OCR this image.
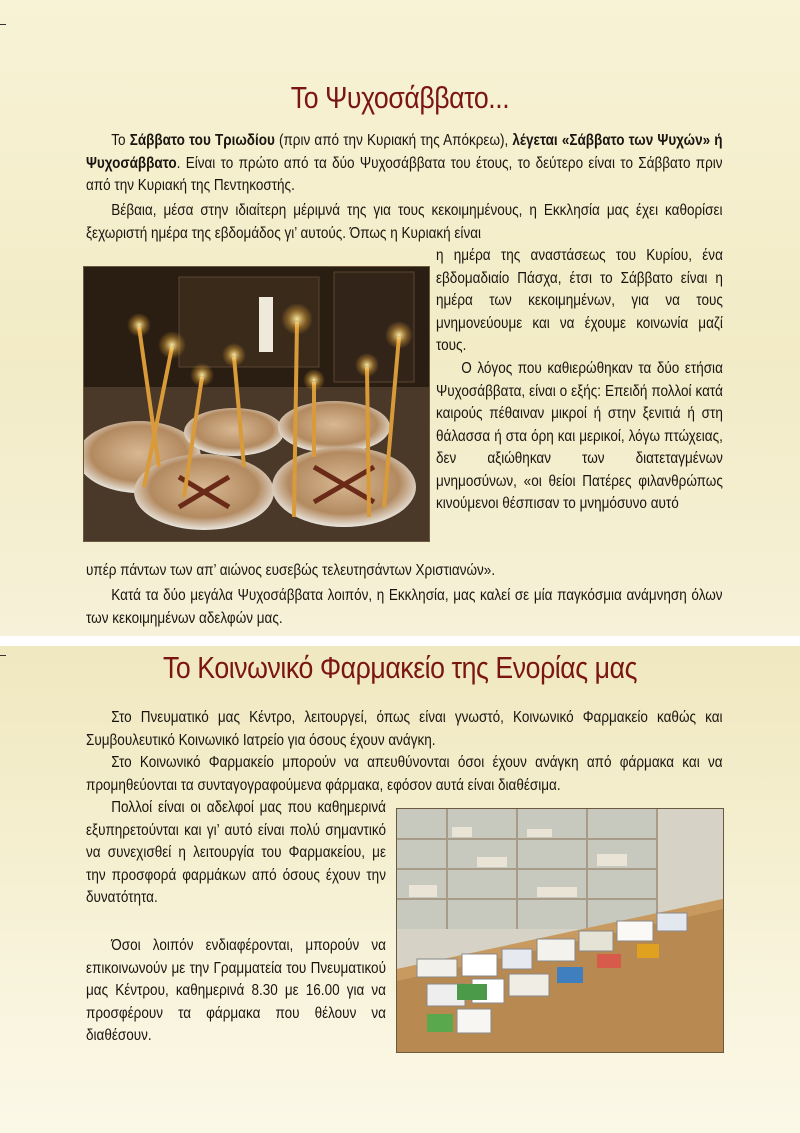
Το Ψυχοσάββατο...

Το Σάββατο του Τριωδίου (πριν από την Κυριακή της Απόκρεω), λέγεται «Σάββατο των Ψυχών» ή Ψυχοσάββατο. Είναι το πρώτο από τα δύο Ψυχοσάββατα του έτους, το δεύτερο είναι το Σάββατο πριν από την Κυριακή της Πεντηκοστής.

Βέβαια, μέσα στην ιδιαίτερη μέριμνά της για τους κεκοιμημένους, η Εκκλησία μας έχει καθορίσει ξεχωριστή ημέρα της εβδομάδος γι’ αυτούς. Όπως η Κυριακή είναι

η ημέρα της αναστάσεως του Κυρίου, ένα εβδομαδιαίο Πάσχα, έτσι το Σάββατο είναι η ημέρα των κεκοιμημένων, για να τους μνημονεύουμε και να έχουμε κοινωνία μαζί τους.

Ο λόγος που καθιερώθηκαν τα δύο ετήσια Ψυχοσάββατα, είναι ο εξής: Επειδή πολλοί κατά καιρούς πέθαιναν μικροί ή στην ξενιτιά ή στη θάλασσα ή στα όρη και μερικοί, λόγω πτώχειας, δεν αξιώθηκαν των διατεταγμένων μνημοσύνων, «οι θείοι Πατέρες φιλανθρώπως κινούμενοι θέσπισαν το μνημόσυνο αυτό

υπέρ πάντων των απ’ αιώνος ευσεβώς τελευτησάντων Χριστιανών».

Κατά τα δύο μεγάλα Ψυχοσάββατα λοιπόν, η Εκκλησία, μας καλεί σε μία παγκόσμια ανάμνηση όλων των κεκοιμημένων αδελφών μας.

Το Κοινωνικό Φαρμακείο της Ενορίας μας

Στο Πνευματικό μας Κέντρο, λειτουργεί, όπως είναι γνωστό, Κοινωνικό Φαρμακείο καθώς και Συμβουλευτικό Κοινωνικό Ιατρείο για όσους έχουν ανάγκη.

Στο Κοινωνικό Φαρμακείο μπορούν να απευθύνονται όσοι έχουν ανάγκη από φάρμακα και να προμηθεύονται τα συνταγογραφούμενα φάρμακα, εφόσον αυτά είναι διαθέσιμα.

Πολλοί είναι οι αδελφοί μας που καθημερινά εξυπηρετούνται και γι’ αυτό είναι πολύ σημαντικό να συνεχισθεί η λειτουργία του Φαρμακείου, με την προσφορά φαρμάκων από όσους έχουν την δυνατότητα.

Όσοι λοιπόν ενδιαφέρονται, μπορούν να επικοινωνούν με την Γραμματεία του Πνευματικού μας Κέντρου, καθημερινά 8.30 με 16.00 για να προσφέρουν τα φάρμακα που θέλουν να διαθέσουν.
